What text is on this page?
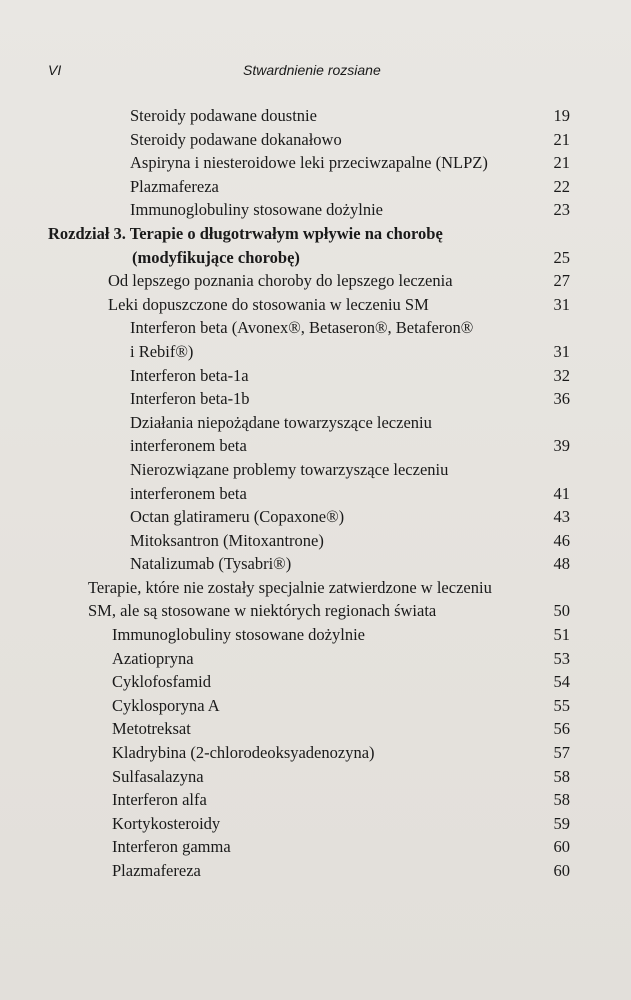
VI	Stwardnienie rozsiane
Steroidy podawane doustnie	19
Steroidy podawane dokanałowo	21
Aspiryna i niesteroidowe leki przeciwzapalne (NLPZ)	21
Plazmafereza	22
Immunoglobuliny stosowane dożylnie	23
Rozdział 3. Terapie o długotrwałym wpływie na chorobę
(modyfikujące chorobę)	25
Od lepszego poznania choroby do lepszego leczenia	27
Leki dopuszczone do stosowania w leczeniu SM	31
Interferon beta (Avonex®, Betaseron®, Betaferon®
i Rebif®)	31
Interferon beta-1a	32
Interferon beta-1b	36
Działania niepożądane towarzyszące leczeniu
interferonem beta	39
Nierozwiązane problemy towarzyszące leczeniu
interferonem beta	41
Octan glatirameru (Copaxone®)	43
Mitoksantron (Mitoxantrone)	46
Natalizumab (Tysabri®)	48
Terapie, które nie zostały specjalnie zatwierdzone w leczeniu
SM, ale są stosowane w niektórych regionach świata	50
Immunoglobuliny stosowane dożylnie	51
Azatiopryna	53
Cyklofosfamid	54
Cyklosporyna A	55
Metotreksat	56
Kladrybina (2-chlorodeoksyadenozyna)	57
Sulfasalazyna	58
Interferon alfa	58
Kortykosteroidy	59
Interferon gamma	60
Plazmafereza	60
